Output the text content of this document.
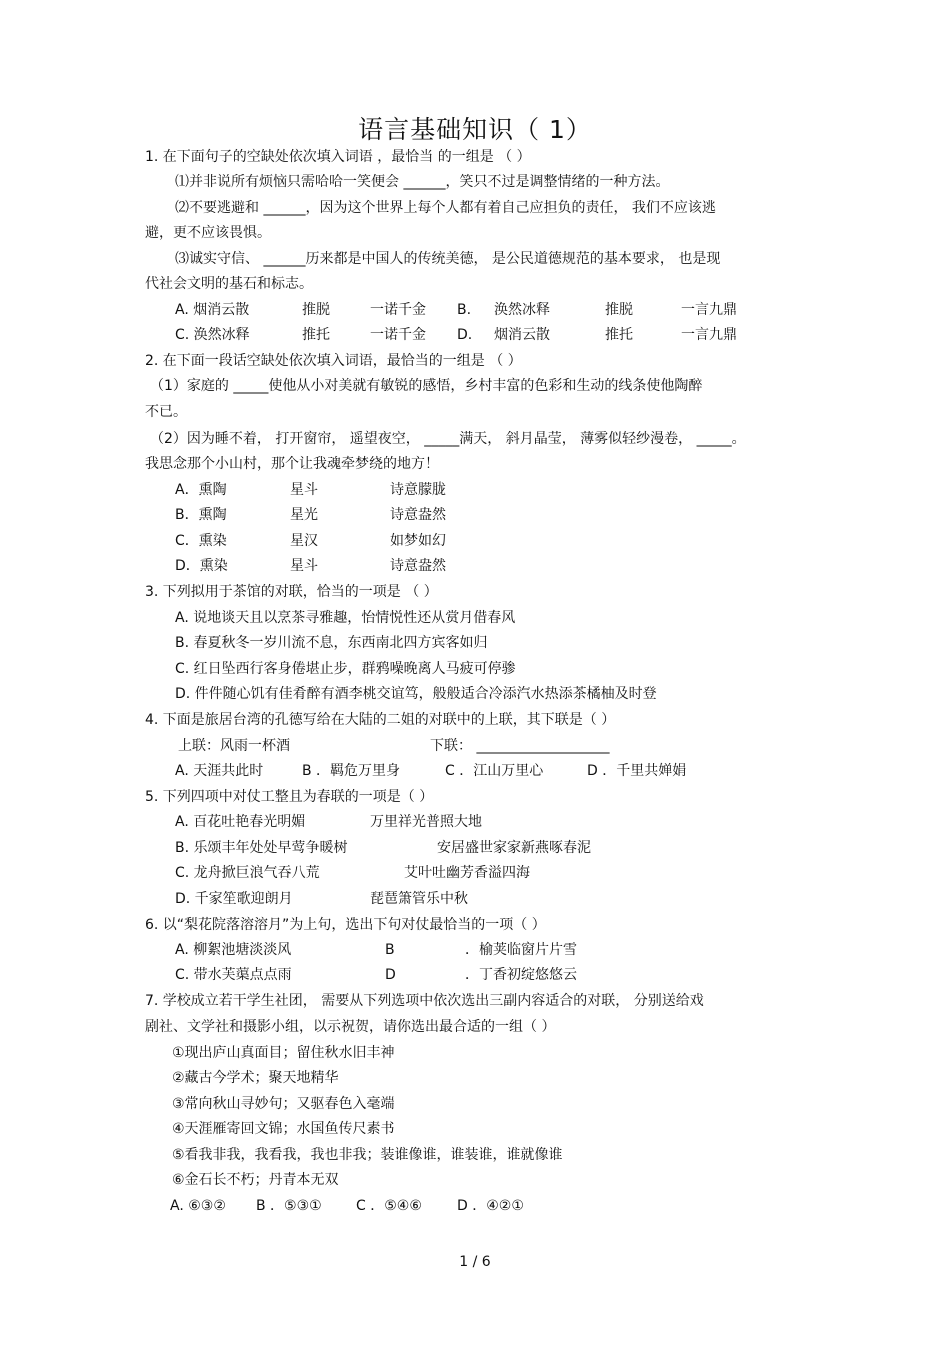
语言基础知识（ 1）
1. 在下面句子的空缺处依次填入词语 ，最恰当 的一组是 （ ）
⑴并非说所有烦恼只需哈哈一笑便会 ______，笑只不过是调整情绪的一种方法。
⑵不要逃避和 ______，因为这个世界上每个人都有着自己应担负的责任， 我们不应该逃
避，更不应该畏惧。
⑶诚实守信、 ______历来都是中国人的传统美德， 是公民道德规范的基本要求， 也是现
代社会文明的基石和标志。
A. 烟消云散	推脱	一诺千金 B. 涣然冰释	推脱	一言九鼎
C. 涣然冰释	推托	一诺千金 D. 烟消云散	推托	一言九鼎
2. 在下面一段话空缺处依次填入词语，最恰当的一组是 （ ）
（1）家庭的 _____使他从小对美就有敏锐的感悟，乡村丰富的色彩和生动的线条使他陶醉
不已。
（2）因为睡不着， 打开窗帘， 遥望夜空， _____满天， 斜月晶莹， 薄雾似轻纱漫卷， _____。
我思念那个小山村，那个让我魂牵梦绕的地方！
A．熏陶	星斗	诗意朦胧
B．熏陶	星光	诗意盎然
C．熏染	星汉	如梦如幻
D．熏染	星斗	诗意盎然
3. 下列拟用于茶馆的对联，恰当的一项是 （ ）
A. 说地谈天且以烹茶寻雅趣，怡情悦性还从赏月借春风
B. 春夏秋冬一岁川流不息，东西南北四方宾客如归
C. 红日坠西行客身倦堪止步，群鸦噪晚离人马疲可停骖
D. 件件随心饥有佳肴醉有酒李桃交谊笃，般般适合冷添汽水热添茶橘柚及时登
4. 下面是旅居台湾的孔德写给在大陆的二姐的对联中的上联，其下联是（ ）
上联：风雨一杯酒	下联： ___________________
A. 天涯共此时	B ．羁危万里身	C ．江山万里心	D ．千里共婵娟
5. 下列四项中对仗工整且为春联的一项是（ ）
A. 百花吐艳春光明媚	万里祥光普照大地
B. 乐颂丰年处处早莺争暖树	安居盛世家家新燕啄春泥
C. 龙舟掀巨浪气吞八荒	艾叶吐幽芳香溢四海
D. 千家笙歌迎朗月	琵琶箫管乐中秋
6. 以“梨花院落溶溶月”为上句，选出下句对仗最恰当的一项（ ）
A. 柳絮池塘淡淡风	B	．榆荚临窗片片雪
C. 带水芙蕖点点雨	D	．丁香初绽悠悠云
7. 学校成立若干学生社团， 需要从下列选项中依次选出三副内容适合的对联， 分别送给戏
剧社、文学社和摄影小组，以示祝贺，请你选出最合适的一组（ ）
①现出庐山真面目；留住秋水旧丰神
②藏古今学术；聚天地精华
③常向秋山寻妙句；又驱春色入毫端
④天涯雁寄回文锦；水国鱼传尺素书
⑤看我非我，我看我，我也非我；装谁像谁，谁装谁，谁就像谁
⑥金石长不朽；丹青本无双
A. ⑥③② B ．⑤③① C ．⑤④⑥	D ．④②①
1 / 6
